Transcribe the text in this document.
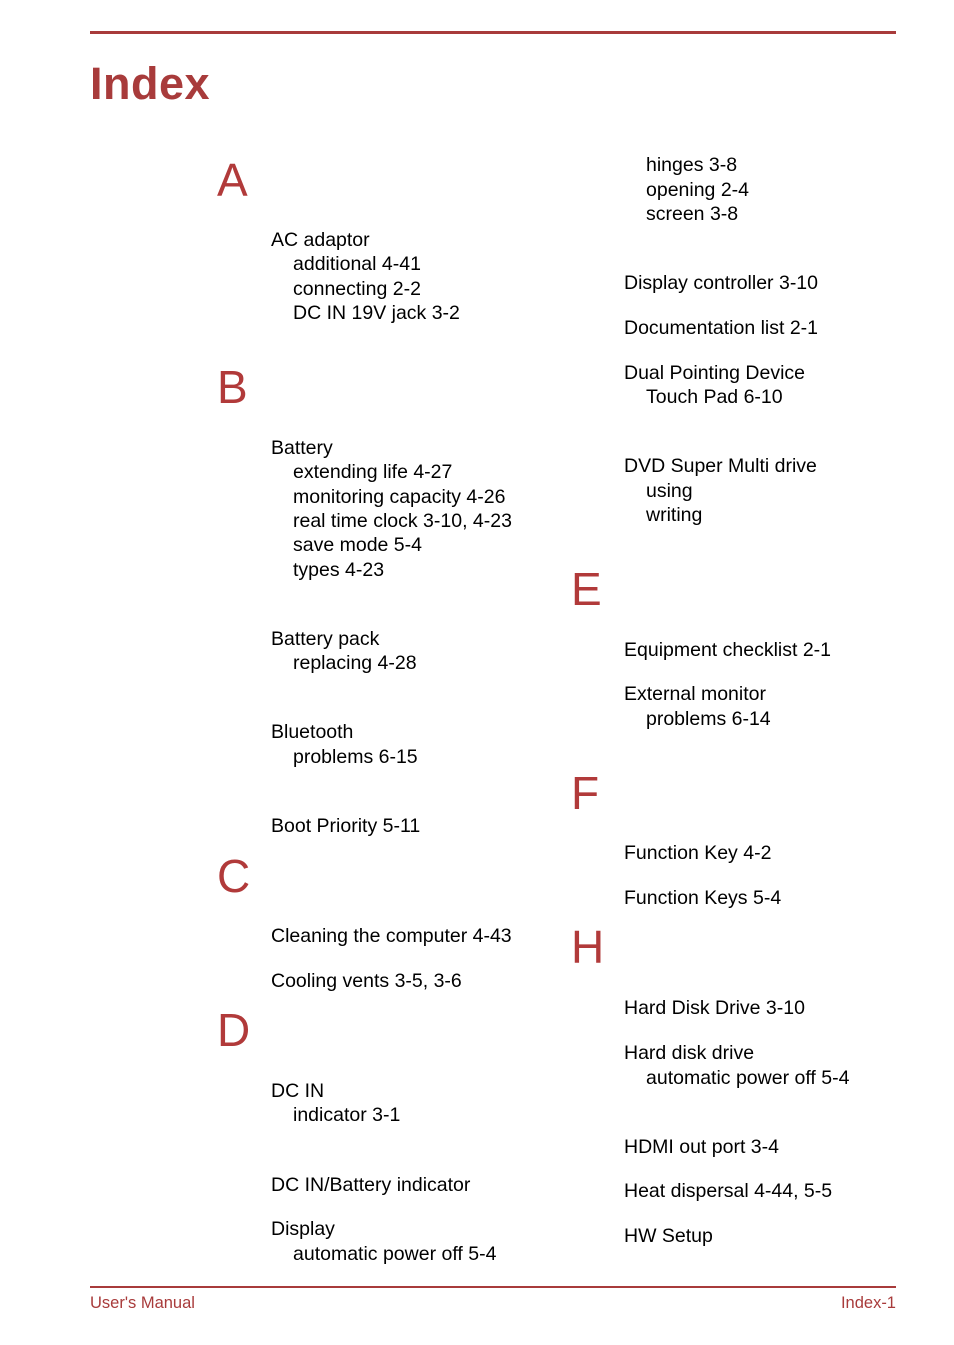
Index
A
AC adaptor
additional 4-41
connecting 2-2
DC IN 19V jack 3-2
B
Battery
extending life 4-27
monitoring capacity 4-26
real time clock 3-10, 4-23
save mode 5-4
types 4-23
Battery pack
replacing 4-28
Bluetooth
problems 6-15
Boot Priority 5-11
C
Cleaning the computer 4-43
Cooling vents 3-5, 3-6
D
DC IN
indicator 3-1
DC IN/Battery indicator
Display
automatic power off 5-4
hinges 3-8
opening 2-4
screen 3-8
Display controller 3-10
Documentation list 2-1
Dual Pointing Device
Touch Pad 6-10
DVD Super Multi drive
using
writing
E
Equipment checklist 2-1
External monitor
problems 6-14
F
Function Key 4-2
Function Keys 5-4
H
Hard Disk Drive 3-10
Hard disk drive
automatic power off 5-4
HDMI out port 3-4
Heat dispersal 4-44, 5-5
HW Setup
User's Manual	Index-1
